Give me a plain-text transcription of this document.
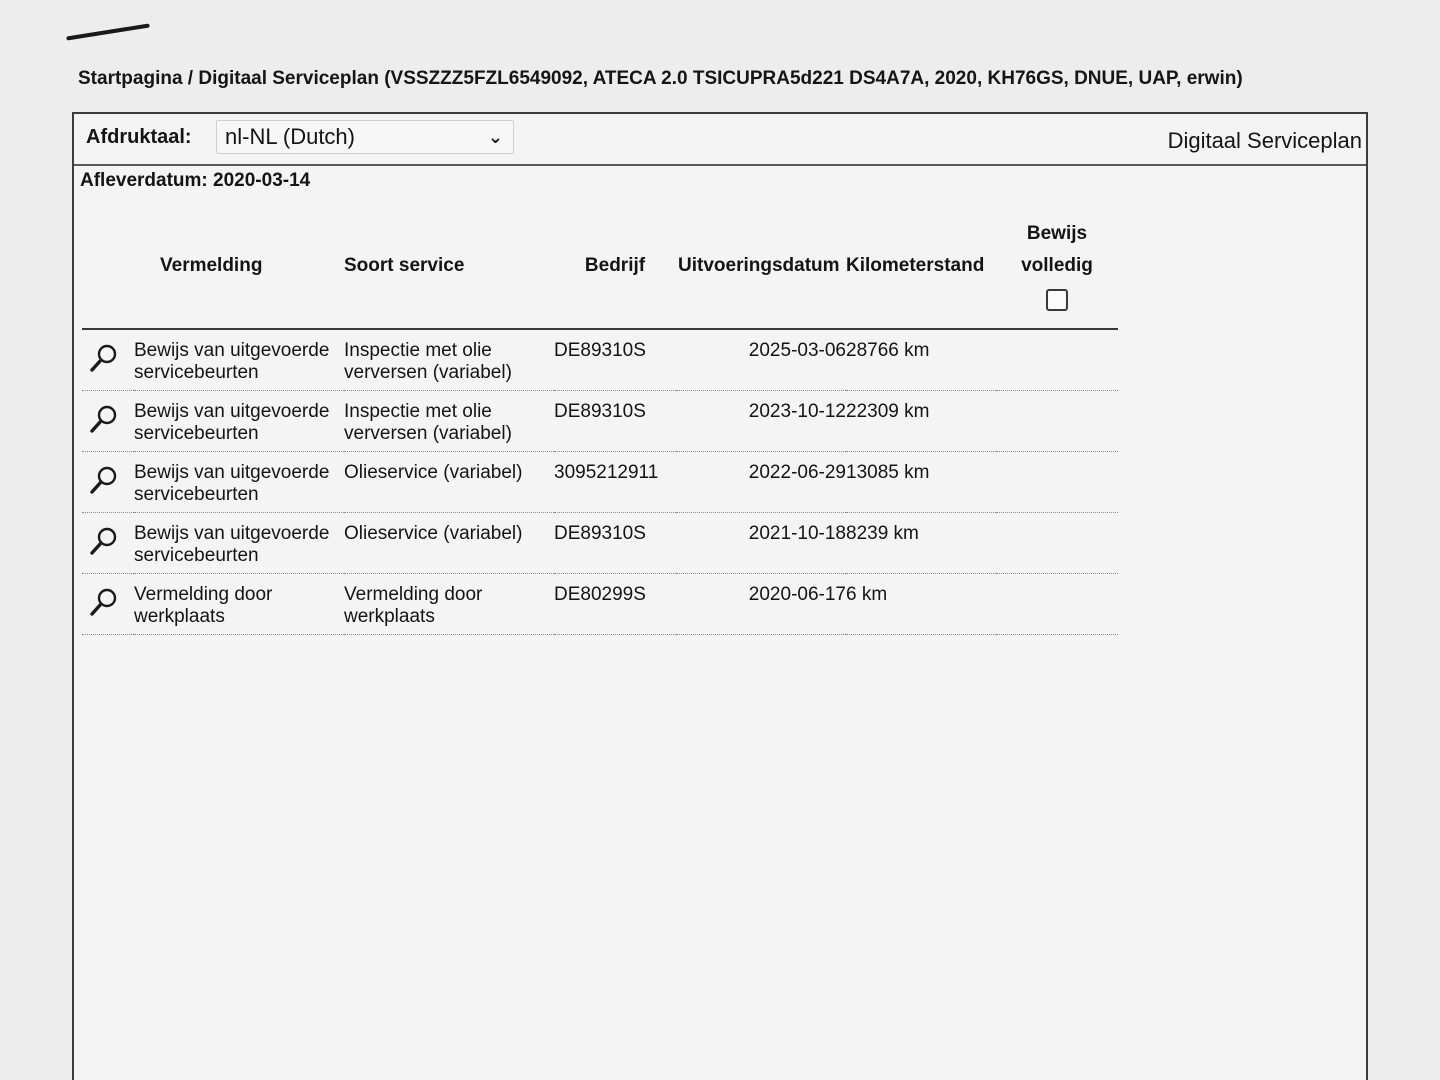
Startpagina / Digitaal Serviceplan (VSSZZZ5FZL6549092, ATECA 2.0 TSICUPRA5d221 DS4A7A, 2020, KH76GS, DNUE, UAP, erwin)
Afdruktaal:	nl-NL (Dutch)	⌄	Digitaal Serviceplan
Afleverdatum: 2020-03-14
	Vermelding	Soort service	Bedrijf	Uitvoeringsdatum	Kilometerstand	Bewijs
volledig

	Bewijs van uitgevoerde servicebeurten	Inspectie met olie verversen (variabel)	DE89310S	2025-03-06	28766 km	
	Bewijs van uitgevoerde servicebeurten	Inspectie met olie verversen (variabel)	DE89310S	2023-10-12	22309 km	
	Bewijs van uitgevoerde servicebeurten	Olieservice (variabel)	3095212911	2022-06-29	13085 km	
	Bewijs van uitgevoerde servicebeurten	Olieservice (variabel)	DE89310S	2021-10-18	8239 km	
	Vermelding door werkplaats	Vermelding door werkplaats	DE80299S	2020-06-17	6 km	
